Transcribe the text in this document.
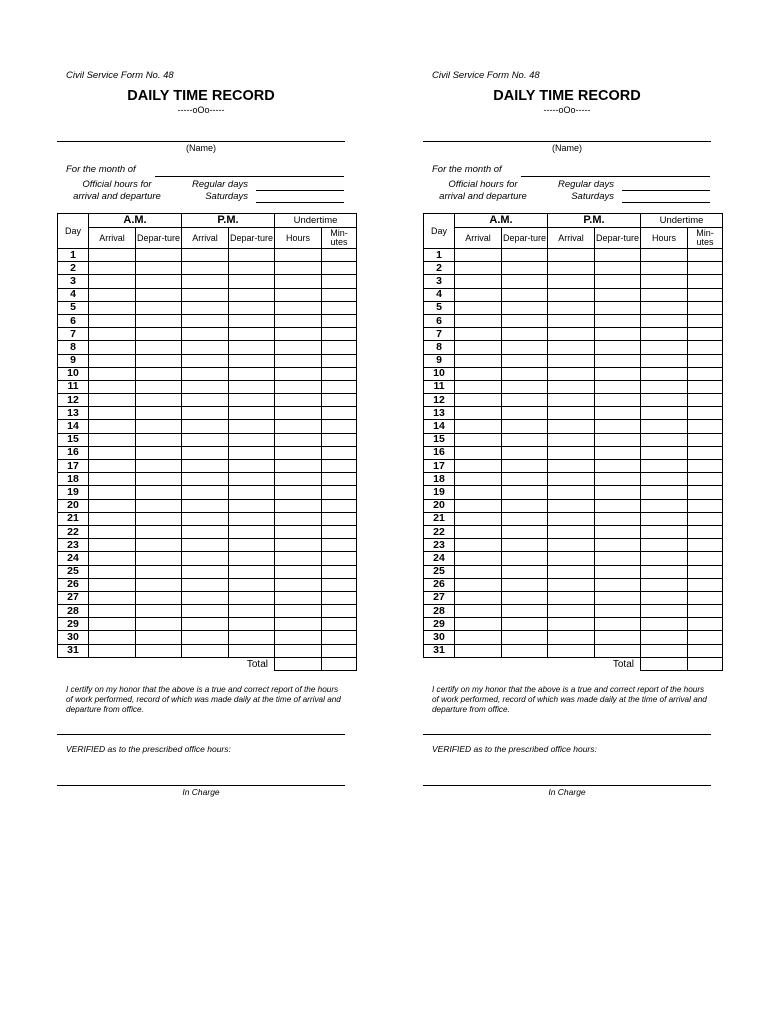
Civil Service Form No. 48
DAILY TIME RECORD
-----oOo-----
(Name)
For the month of
Official hours for
arrival and departure
Regular days
Saturdays
Day	A.M.		P.M.		Undertime	
	Arrival	Depar-ture	Arrival	Depar-ture	Hours	Min-utes
1						
2						
3						
4						
5						
6						
7						
8						
9						
10						
11						
12						
13						
14						
15						
16						
17						
18						
19						
20						
21						
22						
23						
24						
25						
26						
27						
28						
29						
30						
31						
	Total					
I certify on my honor that the above is a true and correct report of the hours of work performed, record of which was made daily at the time of arrival and departure from office.
VERIFIED as to the prescribed office hours:
In Charge
Civil Service Form No. 48
DAILY TIME RECORD
-----oOo-----
(Name)
For the month of
Official hours for
arrival and departure
Regular days
Saturdays
Day	A.M.		P.M.		Undertime	
	Arrival	Depar-ture	Arrival	Depar-ture	Hours	Min-utes
1						
2						
3						
4						
5						
6						
7						
8						
9						
10						
11						
12						
13						
14						
15						
16						
17						
18						
19						
20						
21						
22						
23						
24						
25						
26						
27						
28						
29						
30						
31						
	Total					
I certify on my honor that the above is a true and correct report of the hours of work performed, record of which was made daily at the time of arrival and departure from office.
VERIFIED as to the prescribed office hours:
In Charge
